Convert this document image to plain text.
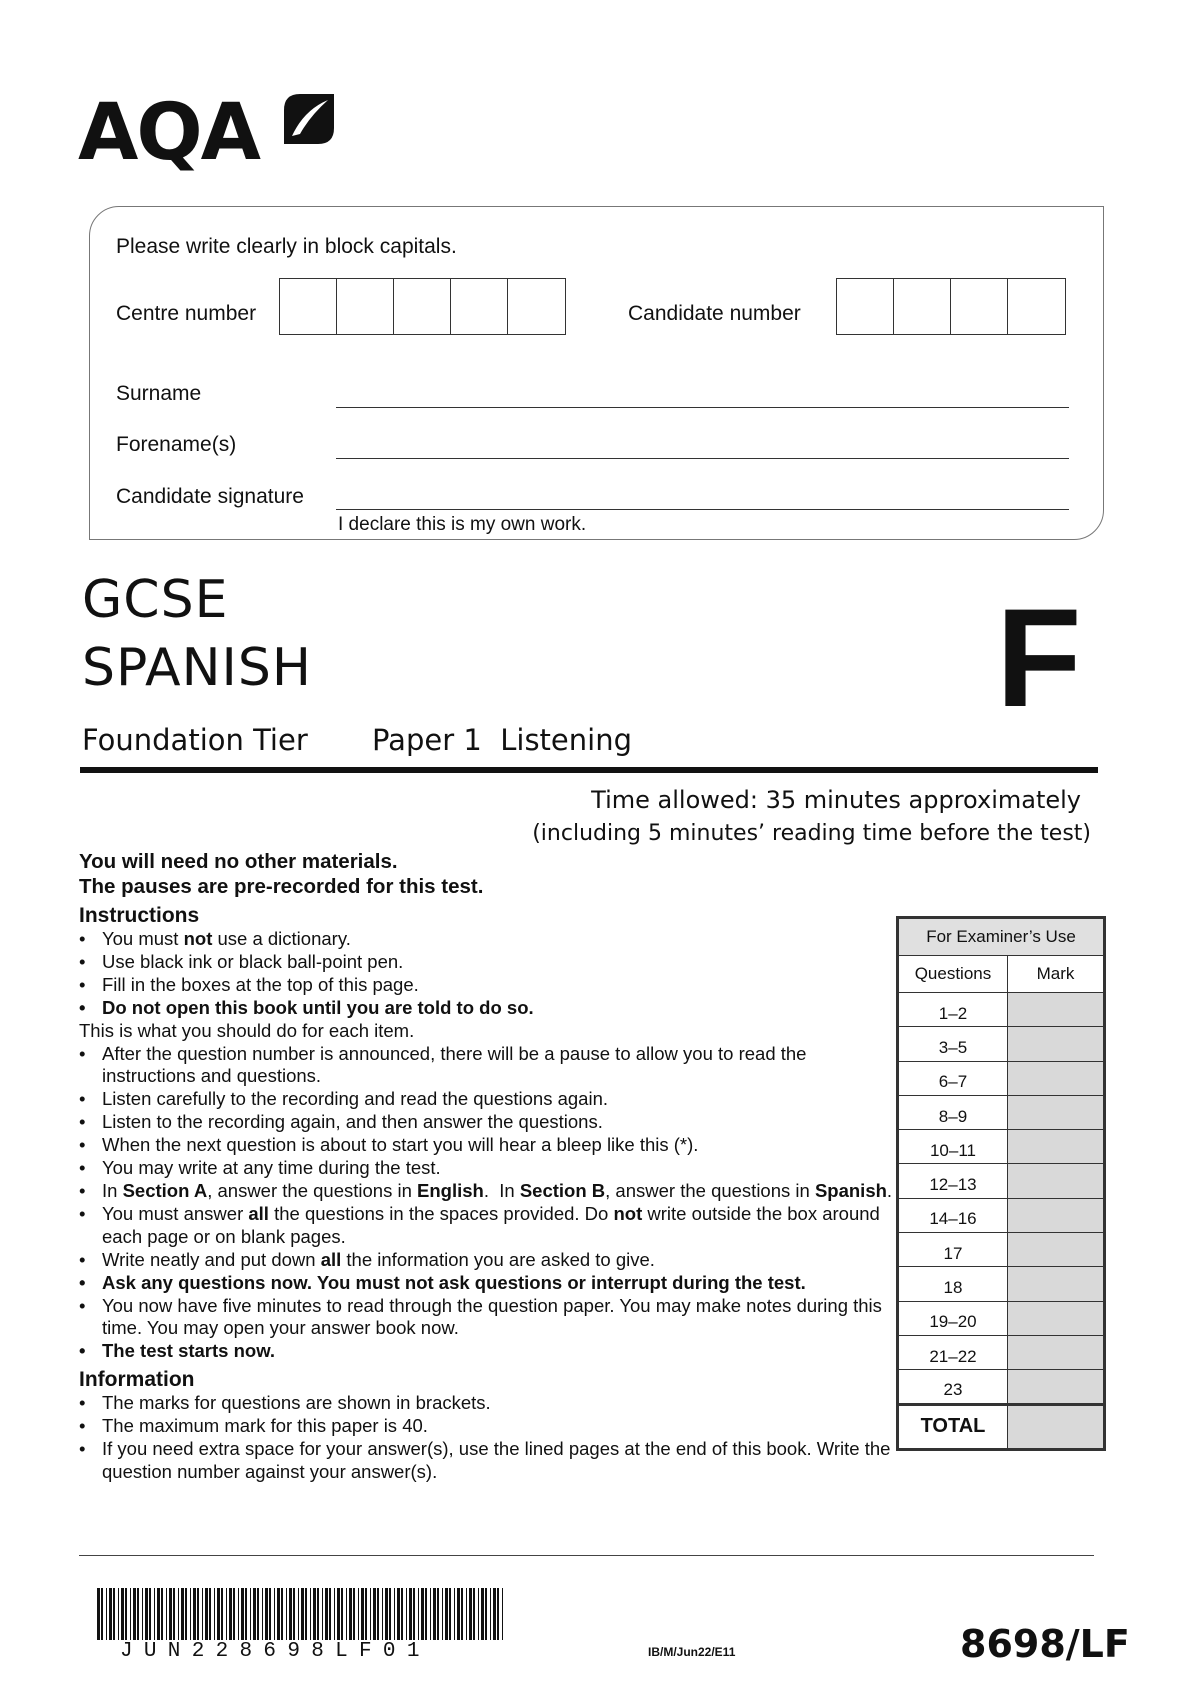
AQA
Please write clearly in block capitals.
Centre number	Candidate number
Surname
Forename(s)
Candidate signature
I declare this is my own work.
GCSE
SPANISH	F
Foundation Tier Paper 1  Listening
Time allowed: 35 minutes approximately
(including 5 minutes’ reading time before the test)
You will need no other materials.
The pauses are pre-recorded for this test.
Instructions
• You must not use a dictionary.
• Use black ink or black ball-point pen.
• Fill in the boxes at the top of this page.
• Do not open this book until you are told to do so.
This is what you should do for each item.
• After the question number is announced, there will be a pause to allow you to read the instructions and questions.
• Listen carefully to the recording and read the questions again.
• Listen to the recording again, and then answer the questions.
• When the next question is about to start you will hear a bleep like this (*).
• You may write at any time during the test.
• In Section A, answer the questions in English.  In Section B, answer the questions in Spanish.
• You must answer all the questions in the spaces provided. Do not write outside the box around each page or on blank pages.
• Write neatly and put down all the information you are asked to give.
• Ask any questions now. You must not ask questions or interrupt during the test.
• You now have five minutes to read through the question paper. You may make notes during this time. You may open your answer book now.
• The test starts now.
Information
• The marks for questions are shown in brackets.
• The maximum mark for this paper is 40.
• If you need extra space for your answer(s), use the lined pages at the end of this book. Write the question number against your answer(s).
For Examiner’s Use	
Questions	Mark
1–2	
3–5	
6–7	
8–9	
10–11	
12–13	
14–16	
17	
18	
19–20	
21–22	
23	
TOTAL	
JUN228698LF01	IB/M/Jun22/E11	8698/LF
